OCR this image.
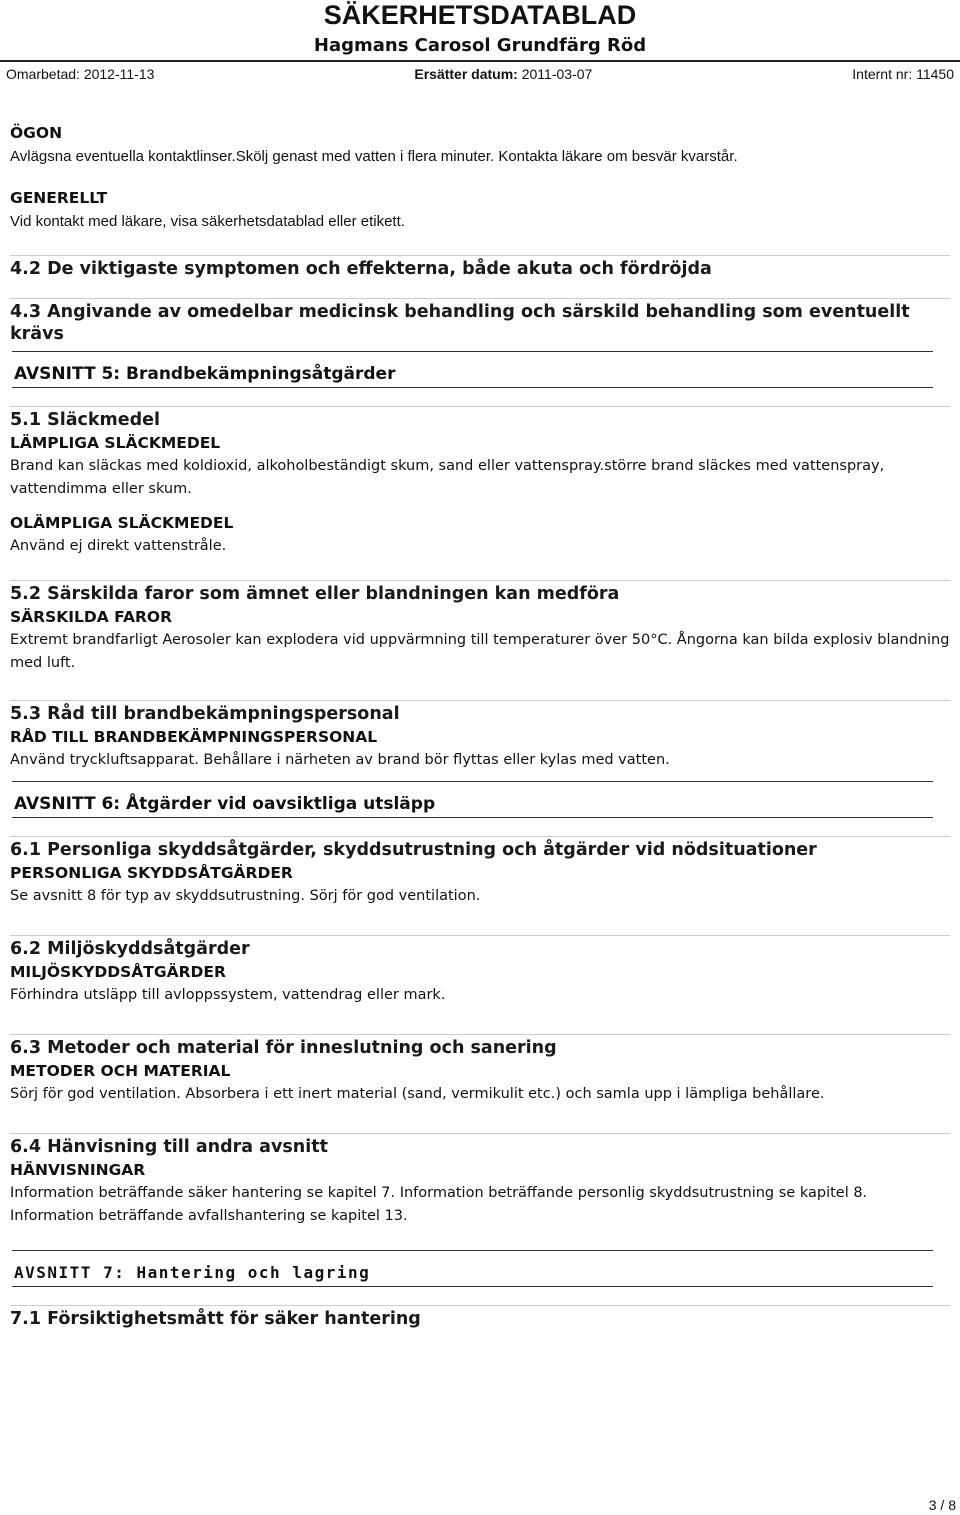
SÄKERHETSDATABLAD
Hagmans Carosol Grundfärg Röd
Omarbetad: 2012-11-13	Ersätter datum: 2011-03-07	Internt nr: 11450
ÖGON
Avlägsna eventuella kontaktlinser.Skölj genast med vatten i flera minuter. Kontakta läkare om besvär kvarstår.
GENERELLT
Vid kontakt med läkare, visa säkerhetsdatablad eller etikett.
4.2 De viktigaste symptomen och effekterna, både akuta och fördröjda
4.3 Angivande av omedelbar medicinsk behandling och särskild behandling som eventuellt krävs
AVSNITT 5: Brandbekämpningsåtgärder
5.1 Släckmedel
LÄMPLIGA SLÄCKMEDEL
Brand kan släckas med koldioxid, alkoholbeständigt skum, sand eller vattenspray.större brand släckes med vattenspray, vattendimma eller skum.
OLÄMPLIGA SLÄCKMEDEL
Använd ej direkt vattenstråle.
5.2 Särskilda faror som ämnet eller blandningen kan medföra
SÄRSKILDA FAROR
Extremt brandfarligt Aerosoler kan explodera vid uppvärmning till temperaturer över 50°C. Ångorna kan bilda explosiv blandning med luft.
5.3 Råd till brandbekämpningspersonal
RÅD TILL BRANDBEKÄMPNINGSPERSONAL
Använd tryckluftsapparat. Behållare i närheten av brand bör flyttas eller kylas med vatten.
AVSNITT 6: Åtgärder vid oavsiktliga utsläpp
6.1 Personliga skyddsåtgärder, skyddsutrustning och åtgärder vid nödsituationer
PERSONLIGA SKYDDSÅTGÄRDER
Se avsnitt 8 för typ av skyddsutrustning. Sörj för god ventilation.
6.2 Miljöskyddsåtgärder
MILJÖSKYDDSÅTGÄRDER
Förhindra utsläpp till avloppssystem, vattendrag eller mark.
6.3 Metoder och material för inneslutning och sanering
METODER OCH MATERIAL
Sörj för god ventilation. Absorbera i ett inert material (sand, vermikulit etc.) och samla upp i lämpliga behållare.
6.4 Hänvisning till andra avsnitt
HÄNVISNINGAR
Information beträffande säker hantering se kapitel 7. Information beträffande personlig skyddsutrustning se kapitel 8.
Information beträffande avfallshantering se kapitel 13.
AVSNITT 7: Hantering och lagring
7.1 Försiktighetsmått för säker hantering
3 / 8
